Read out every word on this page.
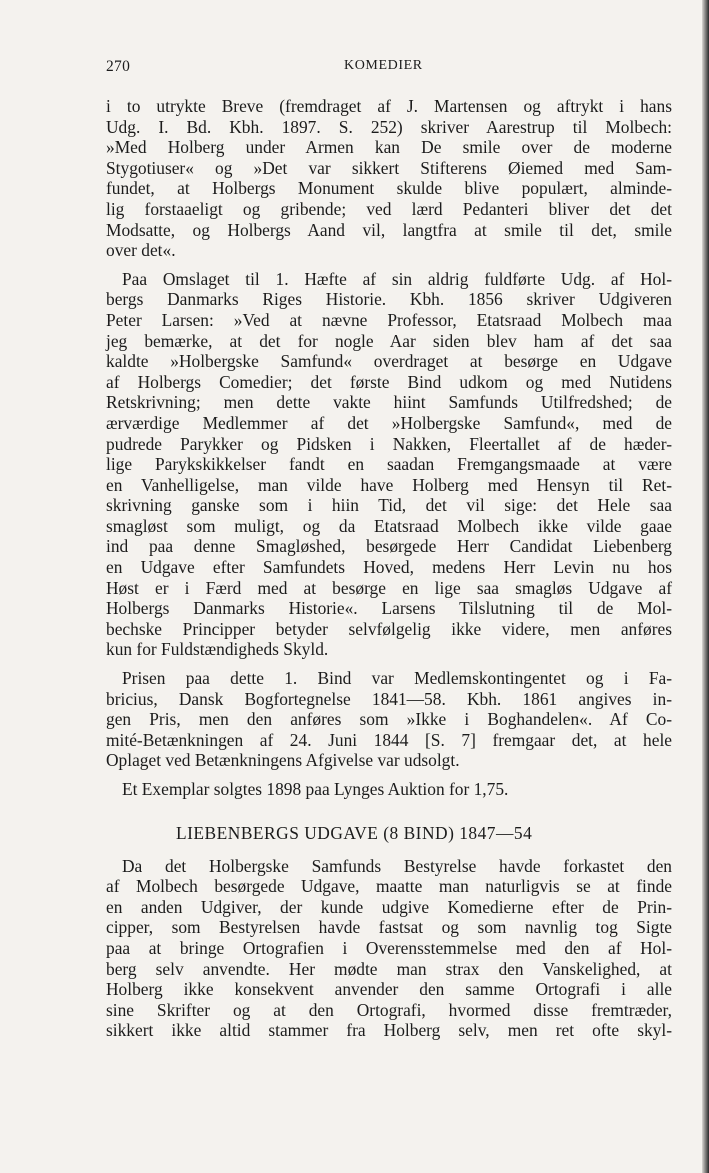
270	KOMEDIER
i to utrykte Breve (fremdraget af J. Martensen og aftrykt i hans
Udg. I. Bd. Kbh. 1897. S. 252) skriver Aarestrup til Molbech:
»Med Holberg under Armen kan De smile over de moderne
Stygotiuser« og »Det var sikkert Stifterens Øiemed med Sam-
fundet, at Holbergs Monument skulde blive populært, alminde-
lig forstaaeligt og gribende; ved lærd Pedanteri bliver det det
Modsatte, og Holbergs Aand vil, langtfra at smile til det, smile
over det«.
Paa Omslaget til 1. Hæfte af sin aldrig fuldførte Udg. af Hol-
bergs Danmarks Riges Historie. Kbh. 1856 skriver Udgiveren
Peter Larsen: »Ved at nævne Professor, Etatsraad Molbech maa
jeg bemærke, at det for nogle Aar siden blev ham af det saa
kaldte »Holbergske Samfund« overdraget at besørge en Udgave
af Holbergs Comedier; det første Bind udkom og med Nutidens
Retskrivning; men dette vakte hiint Samfunds Utilfredshed; de
ærværdige Medlemmer af det »Holbergske Samfund«, med de
pudrede Parykker og Pidsken i Nakken, Fleertallet af de hæder-
lige Parykskikkelser fandt en saadan Fremgangsmaade at være
en Vanhelligelse, man vilde have Holberg med Hensyn til Ret-
skrivning ganske som i hiin Tid, det vil sige: det Hele saa
smagløst som muligt, og da Etatsraad Molbech ikke vilde gaae
ind paa denne Smagløshed, besørgede Herr Candidat Liebenberg
en Udgave efter Samfundets Hoved, medens Herr Levin nu hos
Høst er i Færd med at besørge en lige saa smagløs Udgave af
Holbergs Danmarks Historie«. Larsens Tilslutning til de Mol-
bechske Principper betyder selvfølgelig ikke videre, men anføres
kun for Fuldstændigheds Skyld.
Prisen paa dette 1. Bind var Medlemskontingentet og i Fa-
bricius, Dansk Bogfortegnelse 1841—58. Kbh. 1861 angives in-
gen Pris, men den anføres som »Ikke i Boghandelen«. Af Co-
mité-Betænkningen af 24. Juni 1844 [S. 7] fremgaar det, at hele
Oplaget ved Betænkningens Afgivelse var udsolgt.
Et Exemplar solgtes 1898 paa Lynges Auktion for 1,75.
LIEBENBERGS UDGAVE (8 BIND) 1847—54
Da det Holbergske Samfunds Bestyrelse havde forkastet den
af Molbech besørgede Udgave, maatte man naturligvis se at finde
en anden Udgiver, der kunde udgive Komedierne efter de Prin-
cipper, som Bestyrelsen havde fastsat og som navnlig tog Sigte
paa at bringe Ortografien i Overensstemmelse med den af Hol-
berg selv anvendte. Her mødte man strax den Vanskelighed, at
Holberg ikke konsekvent anvender den samme Ortografi i alle
sine Skrifter og at den Ortografi, hvormed disse fremtræder,
sikkert ikke altid stammer fra Holberg selv, men ret ofte skyl-
